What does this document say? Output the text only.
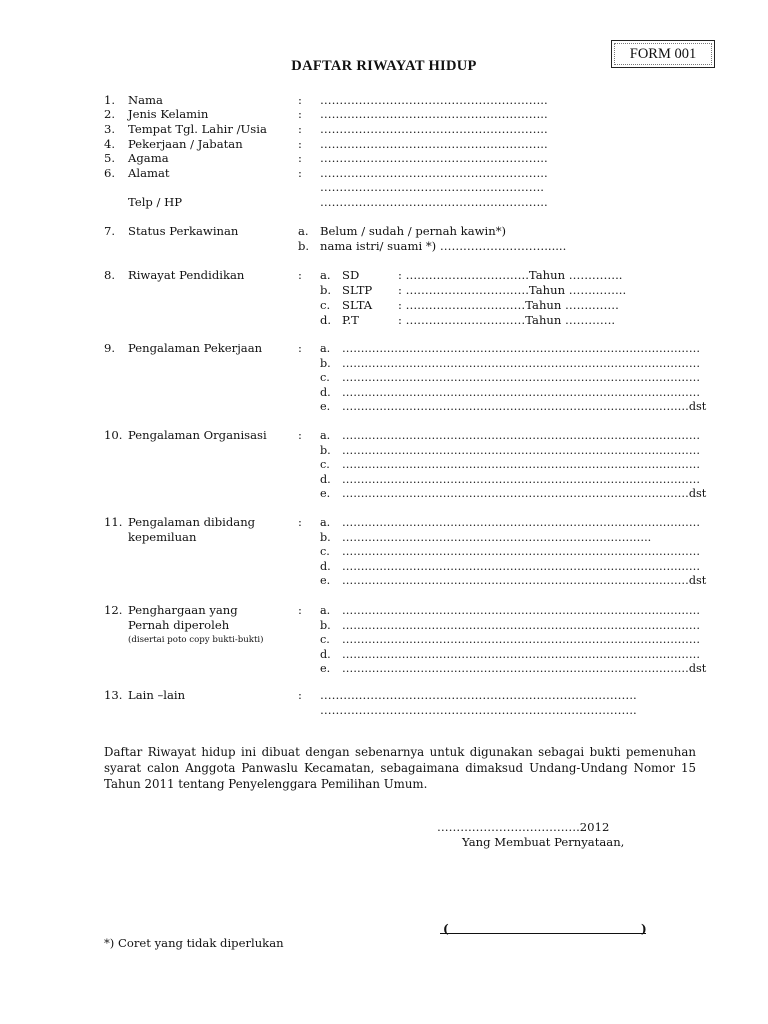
FORM 001
DAFTAR RIWAYAT HIDUP
1. Nama	: …………………………………………………..
2. Jenis Kelamin	: …………………………………………………..
3. Tempat Tgl. Lahir /Usia	: …………………………………………………..
4. Pekerjaan / Jabatan	: …………………………………………………..
5. Agama	: …………………………………………………..
6. Alamat	: …………………………………………………..
………………………………………………….
Telp / HP	…………………………………………………..
7. Status Perkawinan	a. Belum / sudah / pernah kawin*)
b. nama istri/ suami *) ………………………......
8. Riwayat Pendidikan	: a. SD	: …………………………..Tahun …………..
b. SLTP : ……………………….….Tahun …….……..
c. SLTA : …………………….……Tahun …….…….
d. P.T	: …………………….……Tahun ………….
9. Pengalaman Pekerjaan	: a. ……………………………………………………………………………………
b. ……………………………………………………………………………………
c. ……………………………………………………………………………………
d. ……………………………………………………………………………………
e. …………………………………………………………………………………dst
10. Pengalaman Organisasi	: a. ……………………………………………………………………………………
b. ……………………………………………………………………………………
c. ……………………………………………………………………………………
d. ……………………………………………………………………………………
e. …………………………………………………………………………………dst
11. Pengalaman dibidang
kepemiluan
: a. ……………………………………………………………………………………
b. ………………………………………………………………………..
c. ……………………………………………………………………………………
d. ……………………………………………………………………………………
e. …………………………………………………………………………………dst
12. Penghargaan yang
Pernah diperoleh
(disertai poto copy bukti-bukti)
: a. ……………………………………………………………………………………
b. ……………………………………………………………………………………
c. ……………………………………………………………………………………
d. ……………………………………………………………………………………
e. …………………………………………………………………………………dst
13. Lain –lain	: ……………………………………………………………………….
……………………………………………………………………….
Daftar Riwayat hidup ini dibuat dengan sebenarnya untuk digunakan sebagai bukti pemenuhan syarat calon Anggota Panwaslu Kecamatan, sebagaimana dimaksud Undang-Undang Nomor 15 Tahun 2011 tentang Penyelenggara Pemilihan Umum.
……………………………….2012
Yang Membuat Pernyataan,
(	)
*) Coret yang tidak diperlukan
